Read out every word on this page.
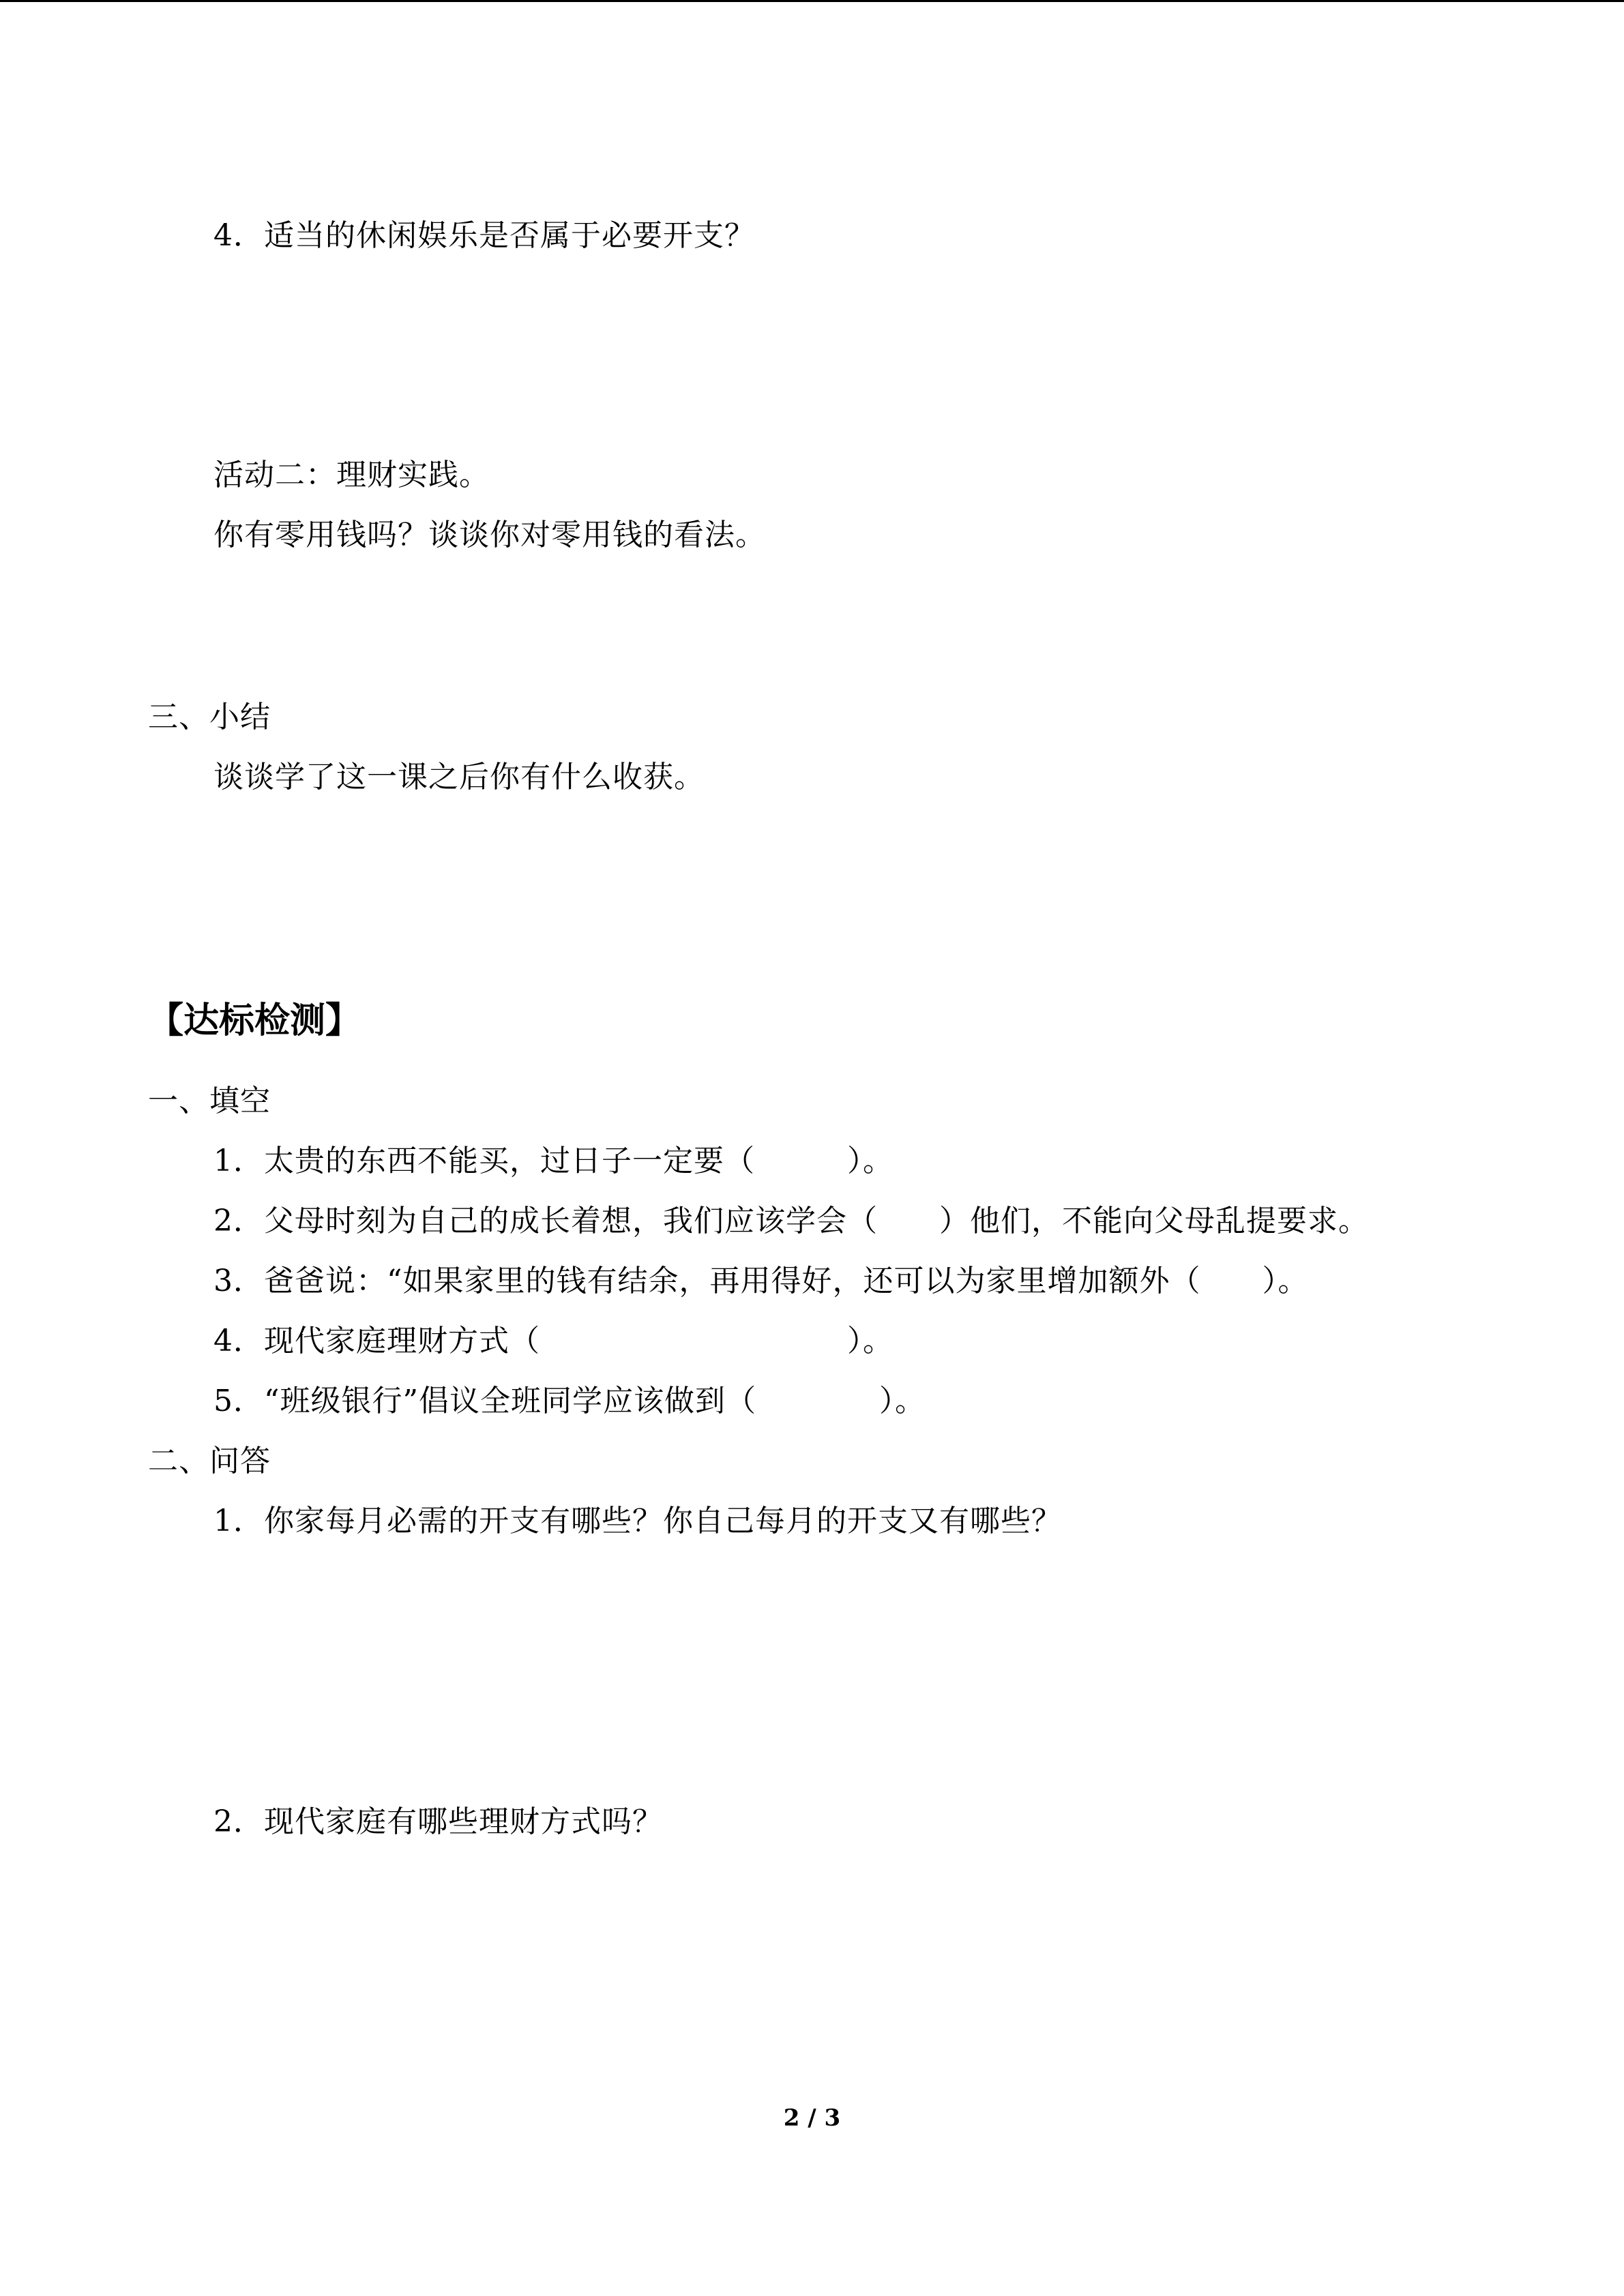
4．适当的休闲娱乐是否属于必要开支？
活动二：理财实践。
你有零用钱吗？谈谈你对零用钱的看法。
三、小结
谈谈学了这一课之后你有什么收获。
【达标检测】
一、填空
1．太贵的东西不能买，过日子一定要（　　　）。
2．父母时刻为自己的成长着想，我们应该学会（　　）他们，不能向父母乱提要求。
3．爸爸说：“如果家里的钱有结余，再用得好，还可以为家里增加额外（　　）。
4．现代家庭理财方式（　　　　　　　　　　）。
5．“班级银行”倡议全班同学应该做到（　　　　）。
二、问答
1．你家每月必需的开支有哪些？你自己每月的开支又有哪些？
2．现代家庭有哪些理财方式吗？
2 / 3
